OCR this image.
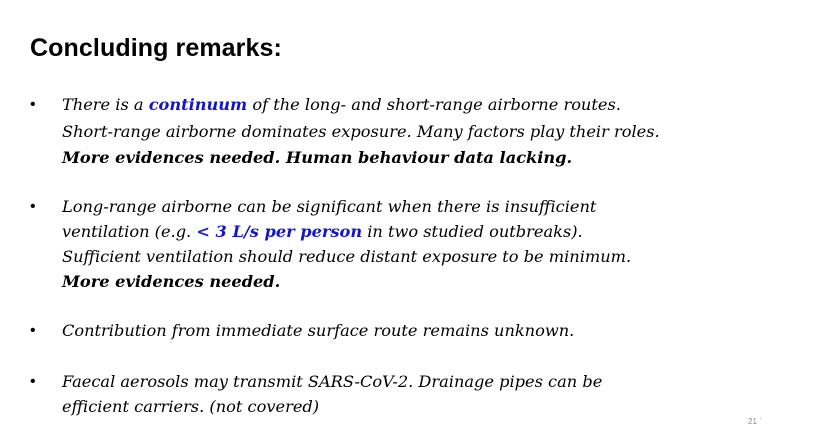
Concluding remarks:
•	There is a continuum of the long- and short-range airborne routes.
Short-range airborne dominates exposure. Many factors play their roles.
More evidences needed. Human behaviour data lacking.
•	Long-range airborne can be significant when there is insufficient
ventilation (e.g. < 3 L/s per person in two studied outbreaks).
Sufficient ventilation should reduce distant exposure to be minimum.
More evidences needed.
•	Contribution from immediate surface route remains unknown.
•	Faecal aerosols may transmit SARS-CoV-2. Drainage pipes can be
efficient carriers. (not covered)
21 `
